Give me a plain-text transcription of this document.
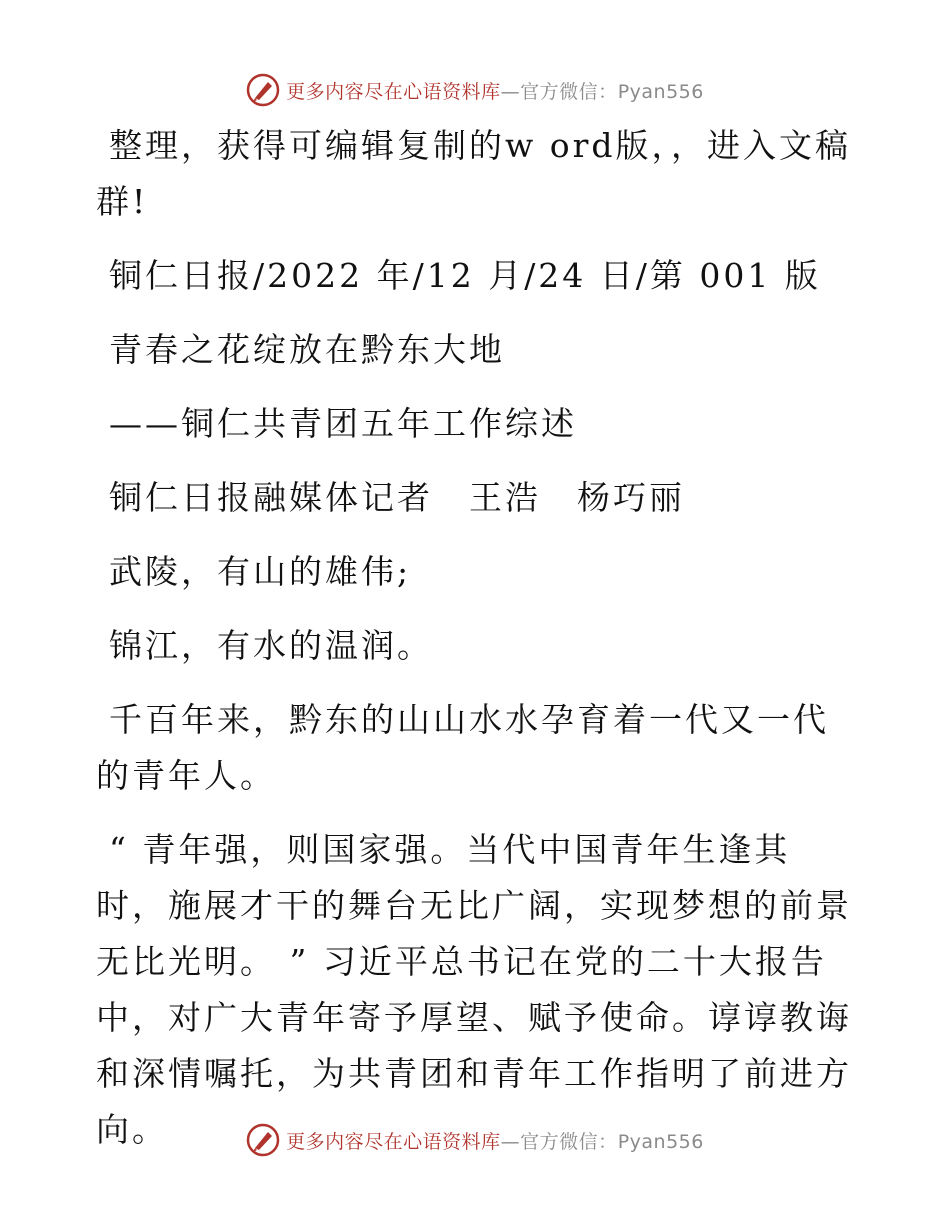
更多内容尽在心语资料库—官方微信：Pyan556

整理，获得可编辑复制的w ord版，，进入文稿群!

铜仁日报/2022 年/12 月/24 日/第 001 版

青春之花绽放在黔东大地

——铜仁共青团五年工作综述

铜仁日报融媒体记者　王浩　杨巧丽

武陵，有山的雄伟;

锦江，有水的温润。

千百年来，黔东的山山水水孕育着一代又一代的青年人。

“ 青年强，则国家强。当代中国青年生逢其时，施展才干的舞台无比广阔，实现梦想的前景无比光明。 ” 习近平总书记在党的二十大报告中，对广大青年寄予厚望、赋予使命。谆谆教诲和深情嘱托，为共青团和青年工作指明了前进方向。	更多内容尽在心语资料库—官方微信：Pyan556
